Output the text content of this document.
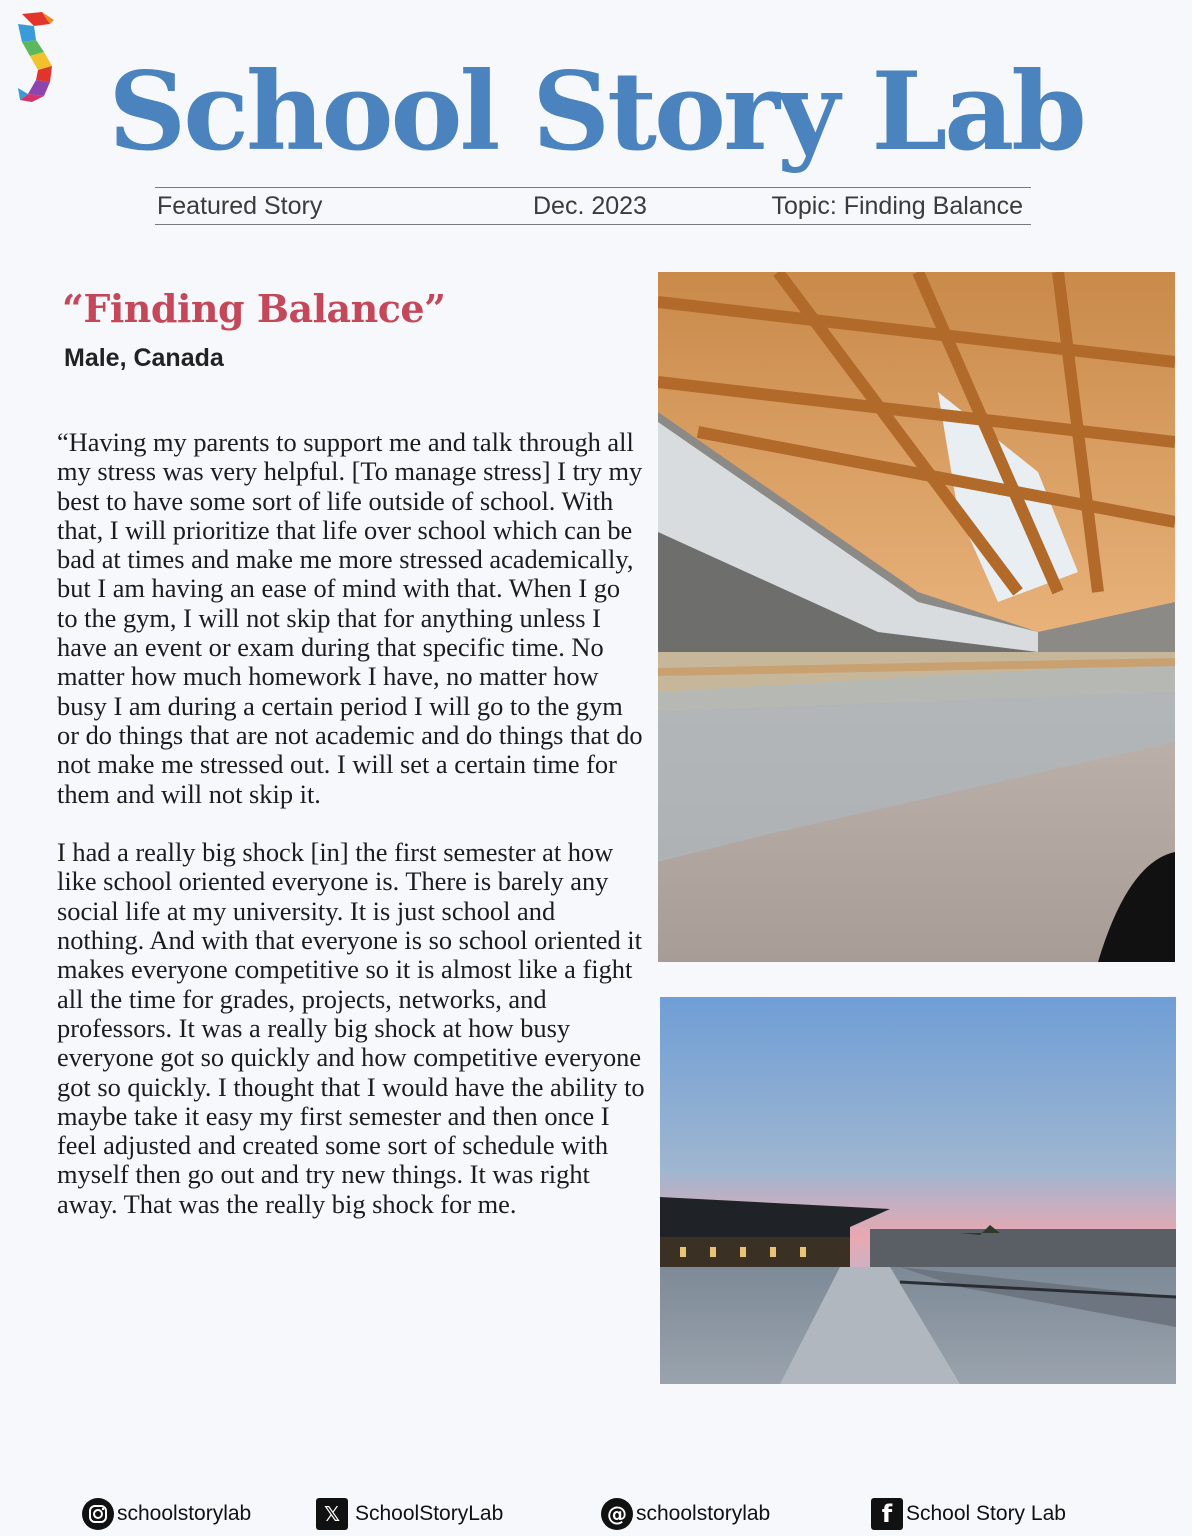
School Story Lab
Featured Story	Dec. 2023	Topic: Finding Balance
“Finding Balance”
Male, Canada

“Having my parents to support me and talk through all my stress was very helpful. [To manage stress] I try my best to have some sort of life outside of school. With that, I will prioritize that life over school which can be bad at times and make me more stressed academically, but I am having an ease of mind with that. When I go to the gym, I will not skip that for anything unless I have an event or exam during that specific time. No matter how much homework I have, no matter how busy I am during a certain period I will go to the gym or do things that are not academic and do things that do not make me stressed out. I will set a certain time for them and will not skip it.

I had a really big shock [in] the first semester at how like school oriented everyone is. There is barely any social life at my university. It is just school and nothing. And with that everyone is so school oriented it makes everyone competitive so it is almost like a fight all the time for grades, projects, networks, and professors. It was a really big shock at how busy everyone got so quickly and how competitive everyone got so quickly. I thought that I would have the ability to maybe take it easy my first semester and then once I feel adjusted and created some sort of schedule with myself then go out and try new things. It was right away. That was the really big shock for me.

schoolstorylab	𝕏 SchoolStoryLab	@ schoolstorylab	f School Story Lab
